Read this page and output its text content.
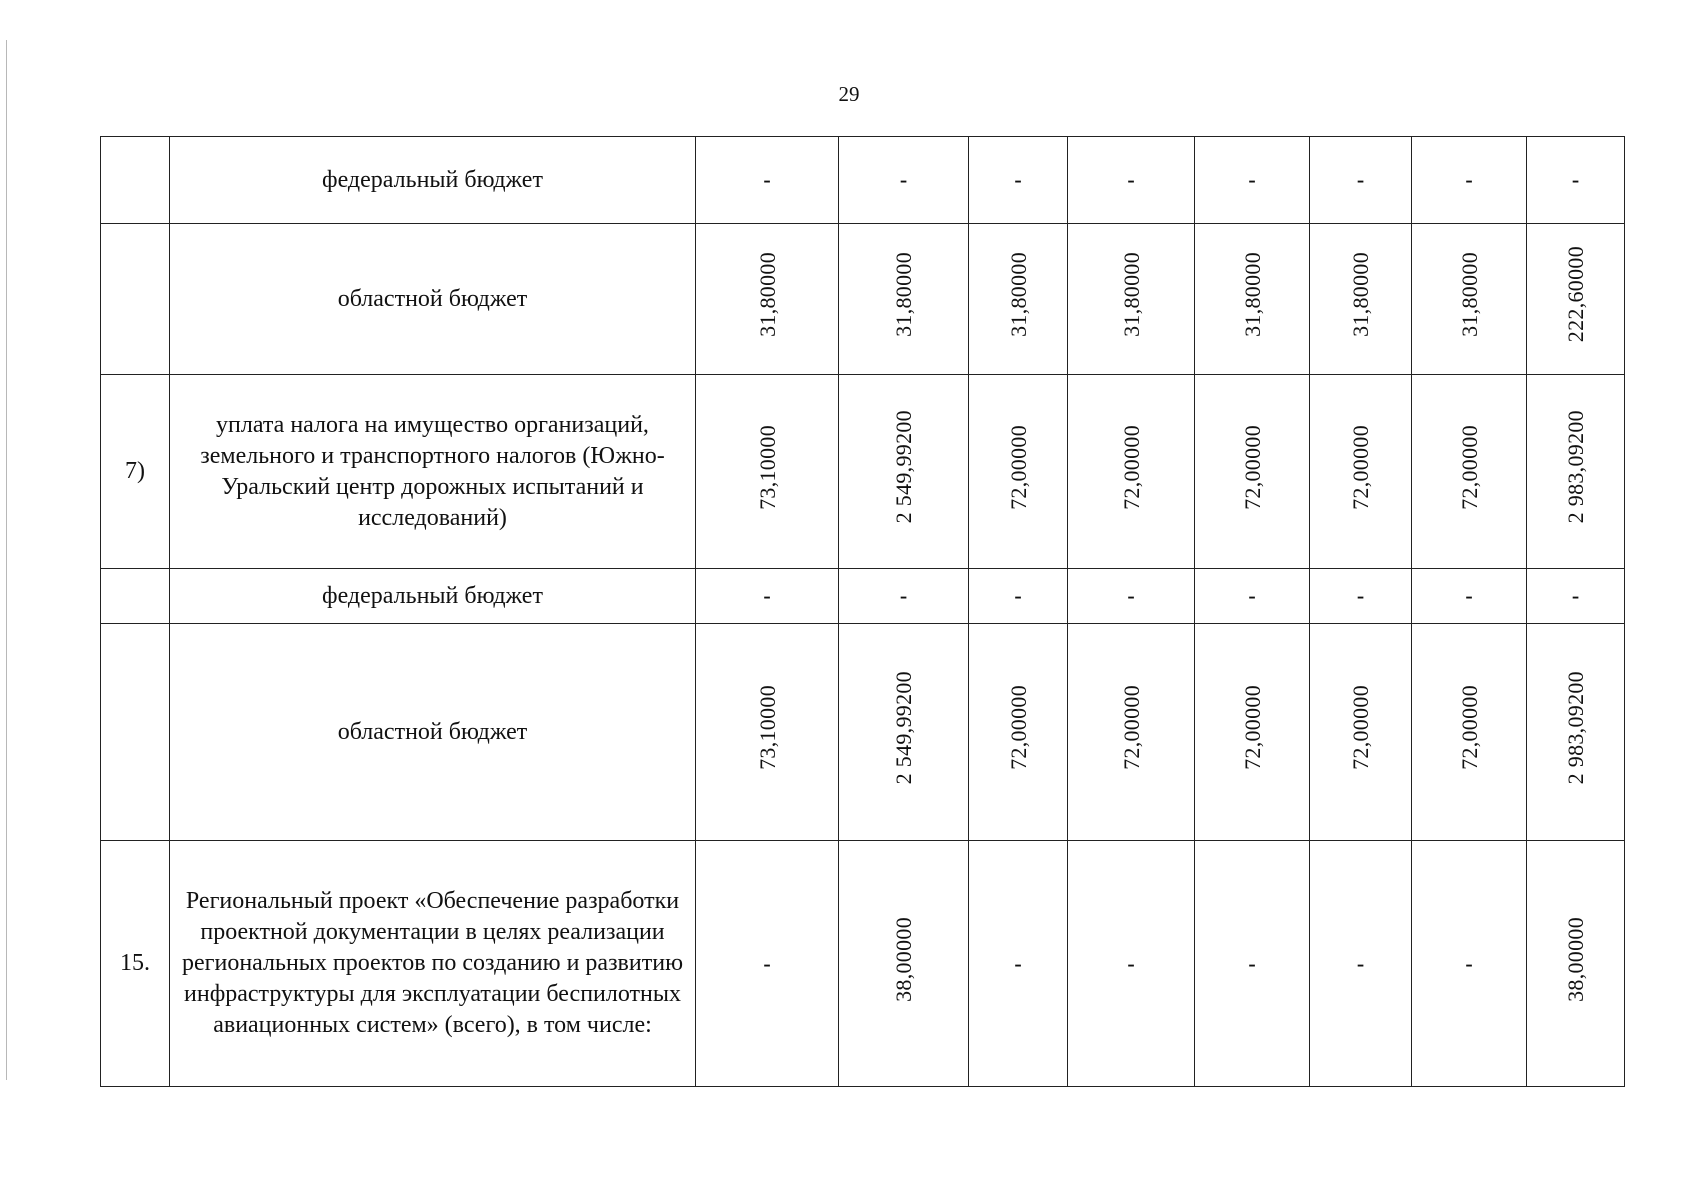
29
	федеральный бюджет	-	-	-	-	-	-	-	-
	областной бюджет	31,80000	31,80000	31,80000	31,80000	31,80000	31,80000	31,80000	222,60000
7)	уплата налога на имущество организаций, земельного и транспортного налогов (Южно-Уральский центр дорожных испытаний и исследований)	73,10000	2 549,99200	72,00000	72,00000	72,00000	72,00000	72,00000	2 983,09200
	федеральный бюджет	-	-	-	-	-	-	-	-
	областной бюджет	73,10000	2 549,99200	72,00000	72,00000	72,00000	72,00000	72,00000	2 983,09200
15.	Региональный проект «Обеспечение разработки проектной документации в целях реализации региональных проектов по созданию и развитию инфраструктуры для эксплуатации беспилотных авиационных систем» (всего), в том числе:	-	38,00000	-	-	-	-	-	38,00000
